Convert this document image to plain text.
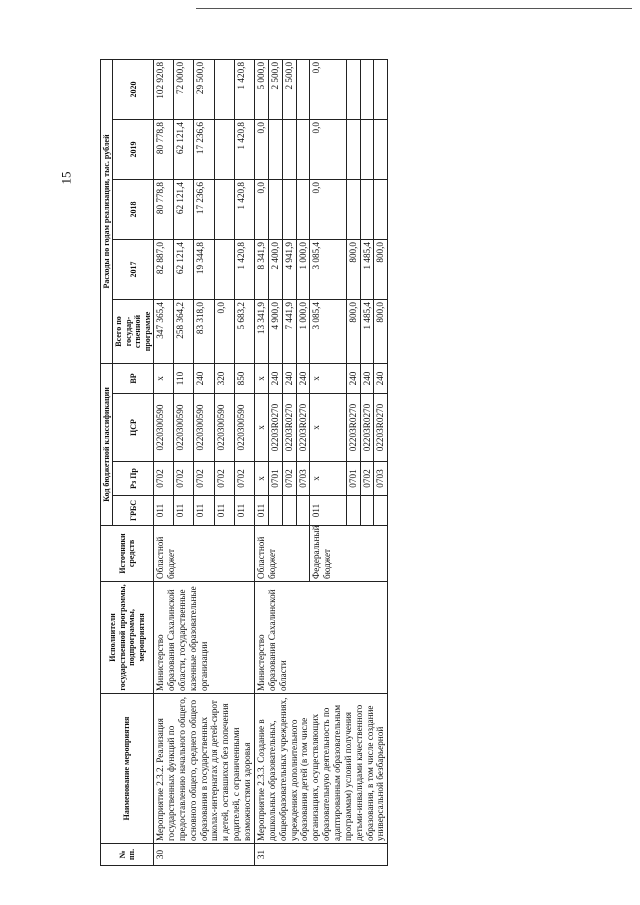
15
№ пп.	Наименование мероприятия	Исполнители государственной программы, подпрограммы, мероприятия	Источники средств	Код бюджетной классификации				Расходы по годам реализации, тыс. рублей				
				ГРБС	Рз Пр	ЦСР	ВР	Всего по государ-ственной программе	2017	2018	2019	2020
30	Мероприятие 2.3.2. Реализация государственных функций по предоставлению начального общего, основного общего, среднего общего образования в государственных школах-интернатах для детей-сирот и детей, оставшихся без попечения родителей, с ограниченными возможностями здоровья	Министерство образования Сахалинской области, государственные казенные образовательные организации	Областной бюджет	011	0702	0220300590	х	347 365,4	82 887,0	80 778,8	80 778,8	102 920,8
				011	0702	0220300590	110	258 364,2	62 121,4	62 121,4	62 121,4	72 000,0
				011	0702	0220300590	240	83 318,0	19 344,8	17 236,6	17 236,6	29 500,0
				011	0702	0220300590	320	0,0				
				011	0702	0220300590	850	5 683,2	1 420,8	1 420,8	1 420,8	1 420,8
31	Мероприятие 2.3.3. Создание в дошкольных образовательных, общеобразовательных учреждениях, учреждениях дополнительного образования детей (в том числе организациях, осуществляющих образовательную деятельность по адаптированным образовательным программам) условий получения детьми-инвалидами качественного образования, в том числе создание универсальной безбарьерной	Министерство образования Сахалинской области	Областной бюджет	011	х	х	х	13 341,9	8 341,9	0,0	0,0	5 000,0
					0701	02203R0270	240	4 900,0	2 400,0			2 500,0
					0702	02203R0270	240	7 441,9	4 941,9			2 500,0
					0703	02203R0270	240	1 000,0	1 000,0			
			Федеральный бюджет	011	х	х	х	3 085,4	3 085,4	0,0	0,0	0,0
					0701	02203R0270	240	800,0	800,0			
					0702	02203R0270	240	1 485,4	1 485,4			
					0703	02203R0270	240	800,0	800,0			
